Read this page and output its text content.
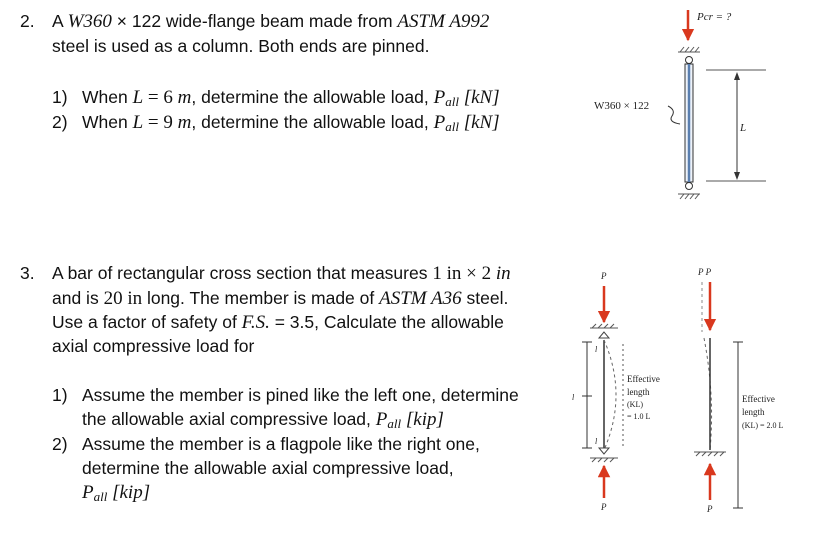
2. A W360 × 122 wide-flange beam made from ASTM A992
steel is used as a column. Both ends are pinned.
1) When L = 6 m, determine the allowable load, $P_{all}$ [kN]
2) When L = 9 m, determine the allowable load, $P_{all}$ [kN]
3. A bar of rectangular cross section that measures 1 in × 2 in
and is 20 in long. The member is made of ASTM A36 steel.
Use a factor of safety of F.S. = 3.5, Calculate the allowable
axial compressive load for
1) Assume the member is pined like the left one, determine
the allowable axial compressive load, $P_{all}$ [kip]
2) Assume the member is a flagpole like the right one,
determine the allowable axial compressive load,
$P_{all}$ [kip]
Pcr = ?
W360 × 122
L
P
P
l
l
l
Effective
length
(KL)
= 1.0 L
P P
P
Effective
length
(KL) = 2.0 L
